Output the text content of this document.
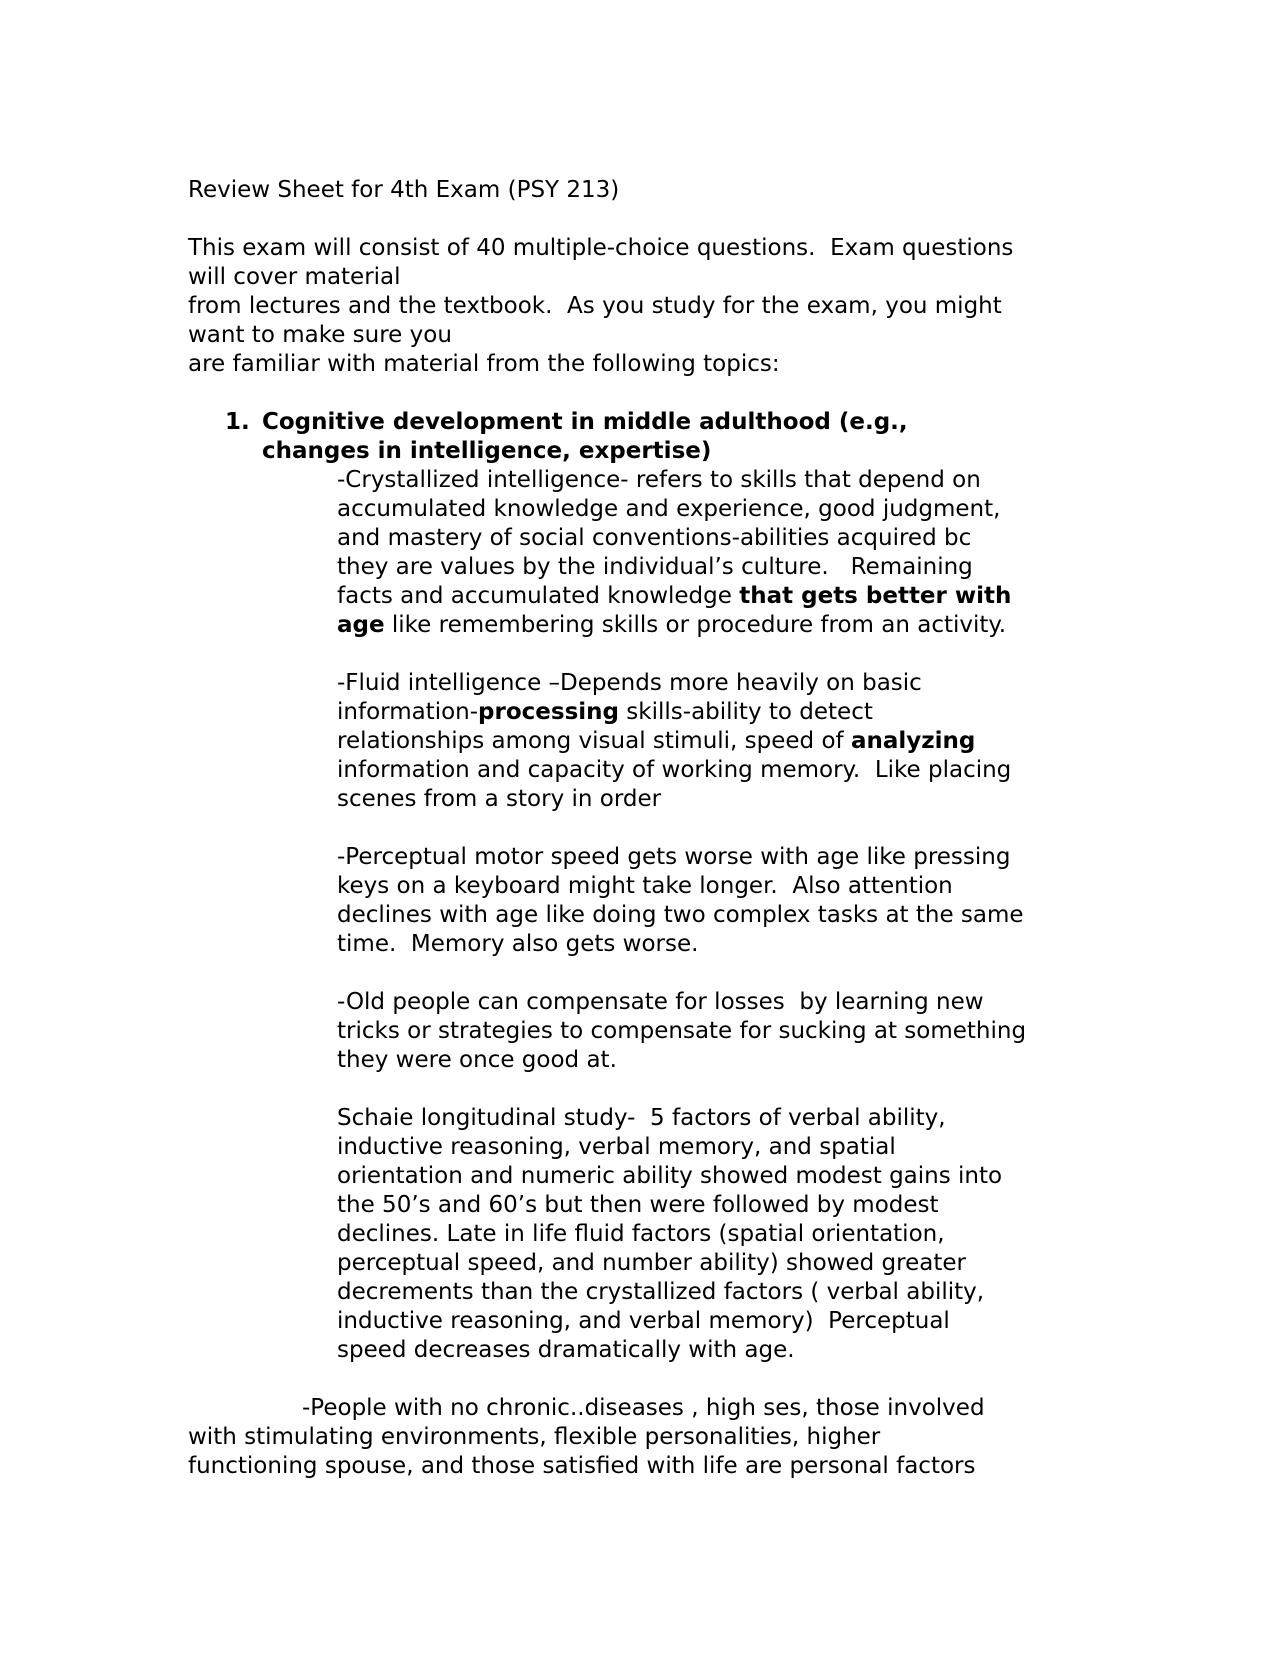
Review Sheet for 4th Exam (PSY 213)
This exam will consist of 40 multiple-choice questions.  Exam questions
will cover material
from lectures and the textbook.  As you study for the exam, you might
want to make sure you
are familiar with material from the following topics:
1. Cognitive development in middle adulthood (e.g.,
changes in intelligence, expertise)
-Crystallized intelligence- refers to skills that depend on
accumulated knowledge and experience, good judgment,
and mastery of social conventions-abilities acquired bc
they are values by the individual’s culture.   Remaining
facts and accumulated knowledge that gets better with
age like remembering skills or procedure from an activity.
-Fluid intelligence –Depends more heavily on basic
information-processing skills-ability to detect
relationships among visual stimuli, speed of analyzing
information and capacity of working memory.  Like placing
scenes from a story in order
-Perceptual motor speed gets worse with age like pressing
keys on a keyboard might take longer.  Also attention
declines with age like doing two complex tasks at the same
time.  Memory also gets worse.
-Old people can compensate for losses  by learning new
tricks or strategies to compensate for sucking at something
they were once good at.
Schaie longitudinal study-  5 factors of verbal ability,
inductive reasoning, verbal memory, and spatial
orientation and numeric ability showed modest gains into
the 50’s and 60’s but then were followed by modest
declines. Late in life fluid factors (spatial orientation,
perceptual speed, and number ability) showed greater
decrements than the crystallized factors ( verbal ability,
inductive reasoning, and verbal memory)  Perceptual
speed decreases dramatically with age.
-People with no chronic..diseases , high ses, those involved
with stimulating environments, flexible personalities, higher
functioning spouse, and those satisfied with life are personal factors
